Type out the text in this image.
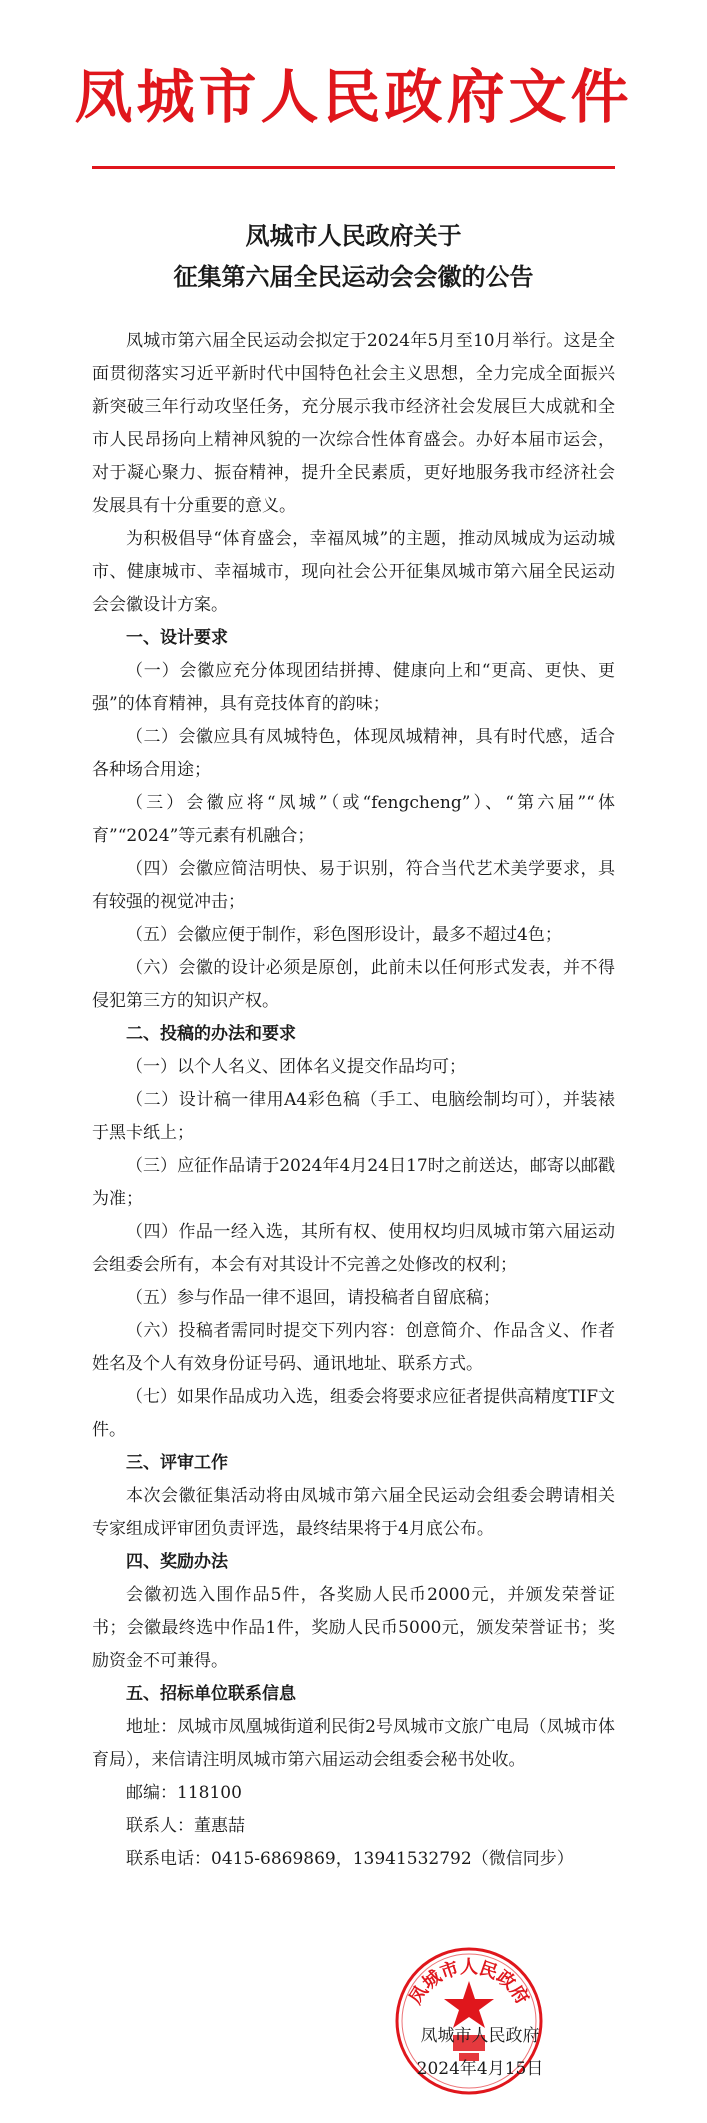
凤城市人民政府文件
凤城市人民政府关于
征集第六届全民运动会会徽的公告

凤城市第六届全民运动会拟定于2024年5月至10月举行。这是全面贯彻落实习近平新时代中国特色社会主义思想，全力完成全面振兴新突破三年行动攻坚任务，充分展示我市经济社会发展巨大成就和全市人民昂扬向上精神风貌的一次综合性体育盛会。办好本届市运会，对于凝心聚力、振奋精神，提升全民素质，更好地服务我市经济社会发展具有十分重要的意义。

为积极倡导“体育盛会，幸福凤城”的主题，推动凤城成为运动城市、健康城市、幸福城市，现向社会公开征集凤城市第六届全民运动会会徽设计方案。

一、设计要求

（一）会徽应充分体现团结拼搏、健康向上和“更高、更快、更强”的体育精神，具有竞技体育的韵味；

（二）会徽应具有凤城特色，体现凤城精神，具有时代感，适合各种场合用途；

（三）会徽应将“凤城”（或“fengcheng”）、“第六届”“体育”“2024”等元素有机融合；

（四）会徽应简洁明快、易于识别，符合当代艺术美学要求，具有较强的视觉冲击；

（五）会徽应便于制作，彩色图形设计，最多不超过4色；

（六）会徽的设计必须是原创，此前未以任何形式发表，并不得侵犯第三方的知识产权。

二、投稿的办法和要求

（一）以个人名义、团体名义提交作品均可；

（二）设计稿一律用A4彩色稿（手工、电脑绘制均可），并装裱于黑卡纸上；

（三）应征作品请于2024年4月24日17时之前送达，邮寄以邮戳为准；

（四）作品一经入选，其所有权、使用权均归凤城市第六届运动会组委会所有，本会有对其设计不完善之处修改的权利；

（五）参与作品一律不退回，请投稿者自留底稿；

（六）投稿者需同时提交下列内容：创意简介、作品含义、作者姓名及个人有效身份证号码、通讯地址、联系方式。

（七）如果作品成功入选，组委会将要求应征者提供高精度TIF文件。

三、评审工作

本次会徽征集活动将由凤城市第六届全民运动会组委会聘请相关专家组成评审团负责评选，最终结果将于4月底公布。

四、奖励办法

会徽初选入围作品5件，各奖励人民币2000元，并颁发荣誉证书；会徽最终选中作品1件，奖励人民币5000元，颁发荣誉证书；奖励资金不可兼得。

五、招标单位联系信息

地址：凤城市凤凰城街道利民街2号凤城市文旅广电局（凤城市体育局），来信请注明凤城市第六届运动会组委会秘书处收。

邮编：118100

联系人：董惠喆

联系电话：0415-6869869，13941532792（微信同步）

凤城市人民政府
凤城市人民政府
2024年4月15日
